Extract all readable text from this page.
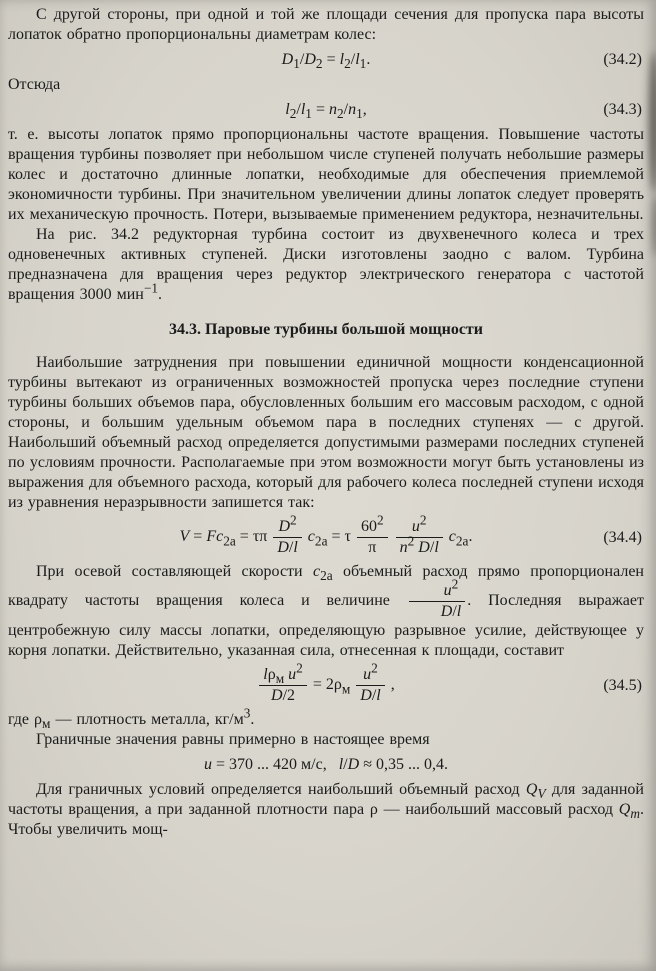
С другой стороны, при одной и той же площади сечения для пропуска пара высоты лопаток обратно пропорциональны диаметрам колес:

$D_1/D_2 = l_2/l_1$.	(34.2)

Отсюда

$l_2/l_1 = n_2/n_1$,	(34.3)

т. е. высоты лопаток прямо пропорциональны частоте вращения. Повышение частоты вращения турбины позволяет при небольшом числе ступеней получать небольшие размеры колес и достаточно длинные лопатки, необходимые для обеспечения приемлемой экономичности турбины. При значительном увеличении длины лопаток следует проверять их механическую прочность. Потери, вызываемые применением редуктора, незначительны.

На рис. 34.2 редукторная турбина состоит из двухвенечного колеса и трех одновенечных активных ступеней. Диски изготовлены заодно с валом. Турбина предназначена для вращения через редуктор электрического генератора с частотой вращения 3000 мин$^{-1}$.

34.3. Паровые турбины большой мощности

Наибольшие затруднения при повышении единичной мощности конденсационной турбины вытекают из ограниченных возможностей пропуска через последние ступени турбины больших объемов пара, обусловленных большим его массовым расходом, с одной стороны, и большим удельным объемом пара в последних ступенях — с другой. Наибольший объемный расход определяется допустимыми размерами последних ступеней по условиям прочности. Располагаемые при этом возможности могут быть установлены из выражения для объемного расхода, который для рабочего колеса последней ступени исходя из уравнения неразрывности запишется так:

$V = Fc_{2a} = \tau\pi \frac{D^2}{D/l} c_{2a} = \tau \frac{60^2}{\pi}$
$\frac{u^2}{n^2 D/l} c_{2a}$.	(34.4)

При осевой составляющей скорости $c_{2a}$ объемный расход прямо пропорционален квадрату частоты вращения колеса и величине $\frac{u^2}{D/l}$ . Последняя выражает центробежную силу массы лопатки, определяющую разрывное усилие, действующее у корня лопатки. Действительно, указанная сила, отнесенная к площади, составит

$\frac{l\rho_м u^2}{D/2} = 2\rho_м \frac{u^2}{D/l}$ ,	(34.5)

где $\rho_м$ — плотность металла, $кг/м^3$.

Граничные значения равны примерно в настоящее время

u = 370 ... 420 м/с,   l/D ≈ 0,35 ... 0,4.

Для граничных условий определяется наибольший объемный расход $Q_V$ для заданной частоты вращения, а при заданной плотности пара ρ — наибольший массовый расход $Q_m$. Чтобы увеличить мощ-
